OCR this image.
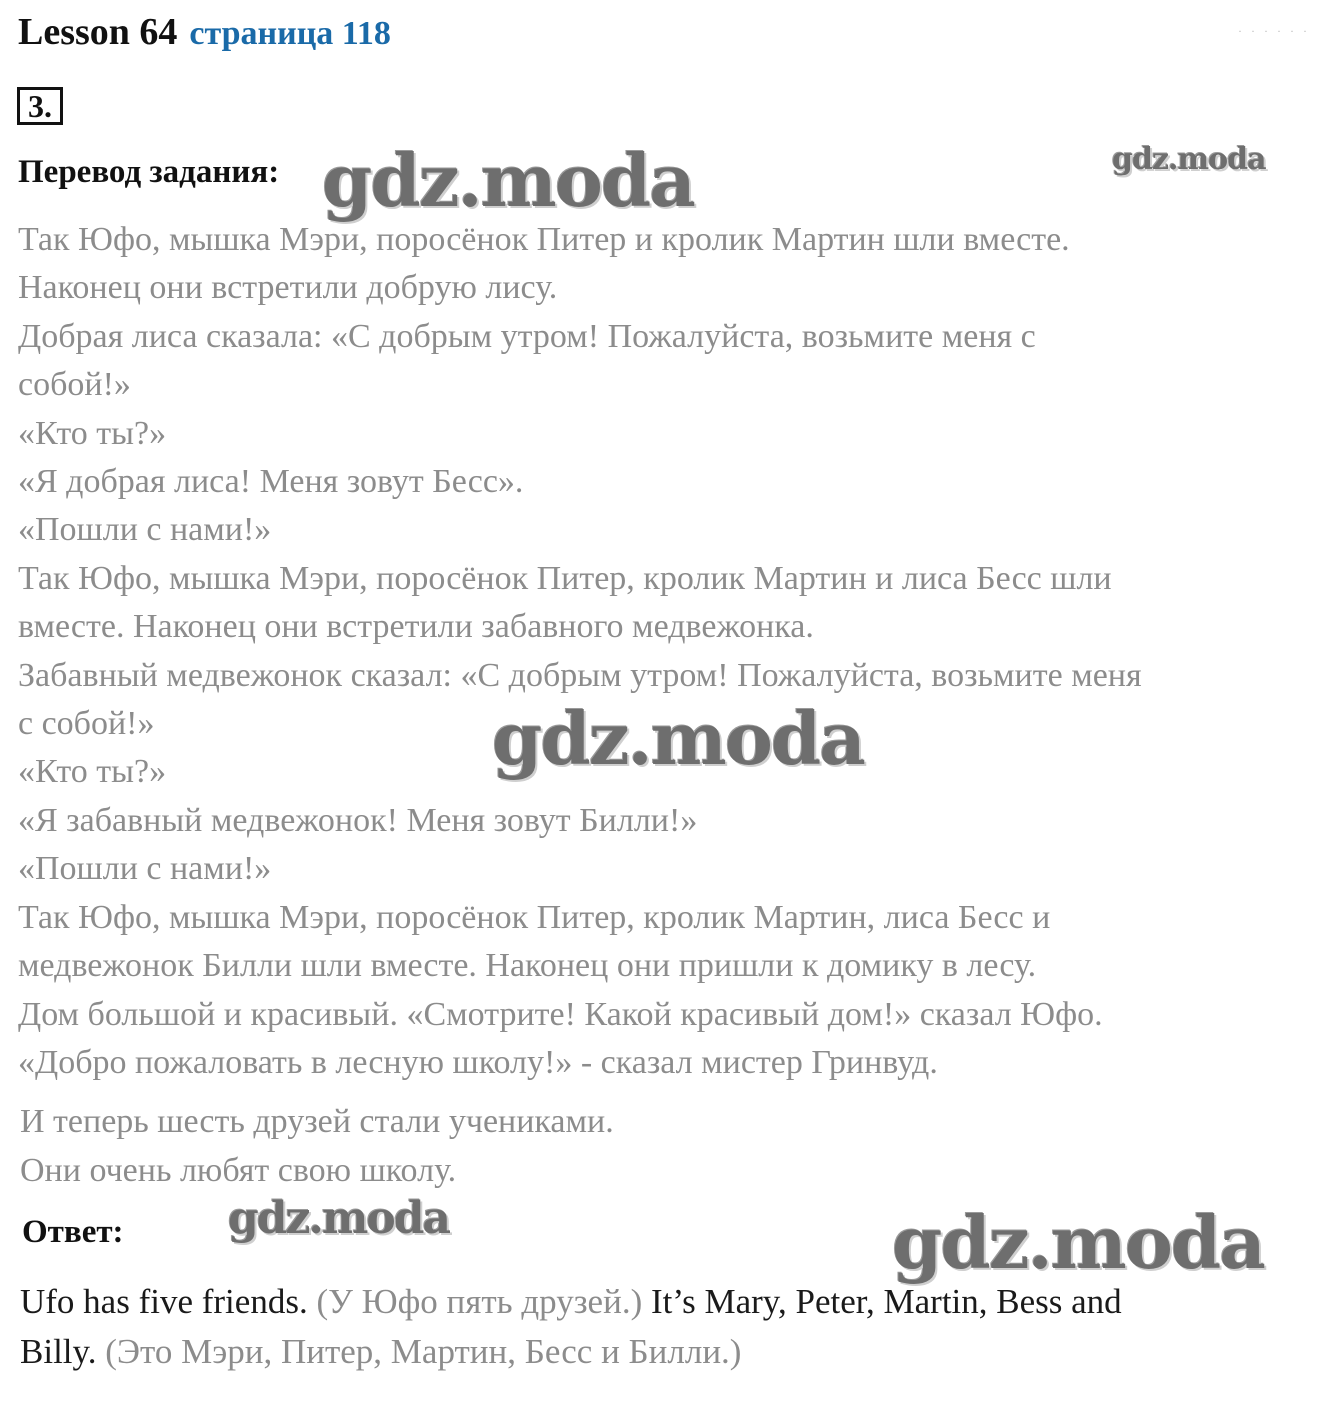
Lesson 64 страница 118	· · · · · ·
3.
Перевод задания:
Так Юфо, мышка Мэри, поросёнок Питер и кролик Мартин шли вместе.
Наконец они встретили добрую лису.
Добрая лиса сказала: «С добрым утром! Пожалуйста, возьмите меня с
собой!»
«Кто ты?»
«Я добрая лиса! Меня зовут Бесс».
«Пошли с нами!»
Так Юфо, мышка Мэри, поросёнок Питер, кролик Мартин и лиса Бесс шли
вместе. Наконец они встретили забавного медвежонка.
Забавный медвежонок сказал: «С добрым утром! Пожалуйста, возьмите меня
с собой!»
«Кто ты?»
«Я забавный медвежонок! Меня зовут Билли!»
«Пошли с нами!»
Так Юфо, мышка Мэри, поросёнок Питер, кролик Мартин, лиса Бесс и
медвежонок Билли шли вместе. Наконец они пришли к домику в лесу.
Дом большой и красивый. «Смотрите! Какой красивый дом!» сказал Юфо.
«Добро пожаловать в лесную школу!» - сказал мистер Гринвуд.
И теперь шесть друзей стали учениками.
Они очень любят свою школу.
Ответ:
Ufo has five friends. (У Юфо пять друзей.) It’s Mary, Peter, Martin, Bess and
Billy. (Это Мэри, Питер, Мартин, Бесс и Билли.)
gdz.moda	gdz.moda
gdz.moda
gdz.moda	gdz.moda
